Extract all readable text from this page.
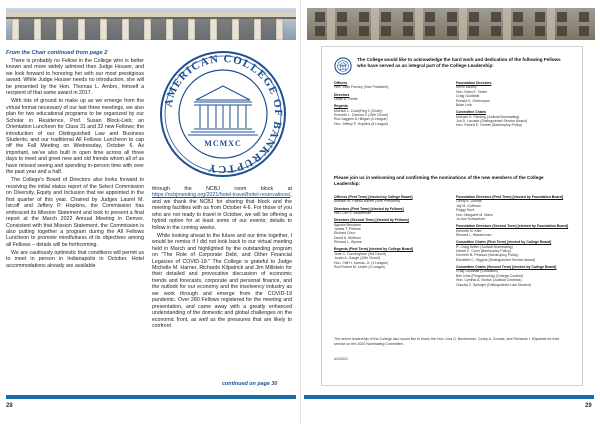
From the Chair continued from page 2

There is probably no Fellow in the College who is better known and more widely admired than Judge Houser, and we look forward to honoring her with our most prestigious award. While Judge Houser needs no introduction, she will be presented by the Hon. Thomas L. Ambro, himself a recipient of that same award in 2017.

With lots of ground to make up as we emerge from the virtual format necessary of our last three meetings, we also plan for two educational programs to be organized by our Scholar in Residence, Prof. Susan Block-Lieb; an Orientation Luncheon for Class 31 and 32 new Fellows; the introduction of our Distinguished Law and Business Students; and our traditional All Fellows Luncheon to cap off the Fall Meeting on Wednesday, October 6. As important, we've also built in open time across all three days to meet and greet new and old friends whom all of us have missed seeing and spending in-person time with over the past year and a half.

The College's Board of Directors also looks forward to receiving the initial status report of the Select Commission on Diversity, Equity and Inclusion that we appointed in the first quarter of this year. Chaired by Judges Laurel M. Isicoff and Jeffery P. Hopkins, the Commission has embraced its Mission Statement and look to present a final report at the March 2022 Annual Meeting in Denver. Consistent with that Mission Statement, the Commission is also putting together a program during the All Fellows Luncheon to promote mindfulness of its objectives among all Fellows – details will be forthcoming.

We are cautiously optimistic that conditions will permit us to meet in person in Indianapolis in October. Hotel accommodations already are available

AMERICAN COLLEGE OF BANKRUPTCY
MCMXC

through the NCBJ room block at https://ncbjmeeting.org/2021/hotel-travel/hotel-reservations/, and we thank the NCBJ for sharing that block and the meeting facilities with us from October 4-6. For those of you who are not ready to travel in October, we will be offering a hybrid option for at least some of our events; details to follow in the coming weeks.

While looking ahead to the future and our time together, I would be remiss if I did not look back to our virtual meeting held in March and highlighted by the outstanding program on "The Role of Corporate Debt, and Other Financial Legacies of COVID-19." The College is grateful to Judge Michelle M. Harner, Richardo Kilpatrick and Jim Millstein for their detailed and provocative discussion of economic trends and forecasts, corporate and personal finance, and the outlook for our economy and the insolvency industry as we work through and emerge from the COVID-19 pandemic. Over 280 Fellows registered for the meeting and presentation, and came away with a greatly enhanced understanding of the domestic and global challenges on the economic front, as well as the pressures that are likely to confront

continued on page 30
The College would like to acknowledge the hard work and dedication of the following Fellows who have served as an integral part of the College Leadership:
Officers
Hon. Joan Feeney (Vice President)
Directors
Leslie A. Fields
Regents
Michael L. Cook(Reg 2 (Chair))
Kenneth L. Cannon II (10th Circuit)
Rod Jaggers & Hilligan (4 League)
Hon. Jeffrey P. Hopkins (6 League)
Foundation Directors
Kevin Mickey
Hon. Brian K. Tester
Craig Goldblatt
Ronald K. Greenspan
Brian Leib
Committee Chairs
Michael D. Fielding (Judicial Nominating)
Jon D. Lacoste (Distinguished Service Award)
Hon. Robert E. Gerber (Bankruptcy Policy)
Please join us in welcoming and confirming the nominations of the new members of the College Leadership:
Officers (First Term) [elected by College Board]
Michael St. Patrick Baxter (Vice President)
Directors (First Term) [elected by Fellows]
Hon. Lori S. Beckerman
Directors (Second Term) [elected by Fellows]
Agustin Bendana
James T. Perkins
Richard Chun
David A. Wolfson
Richard L. Wynne
Regents (First Term) [elected by College Board]
Jane C. Cunningham (3rd Circuit)
Jonah A. Gauge (10th Circuit)
Hon. Cliff H. Kamas, Jr. (4 League)
Rod Robert M. Linder (4 League)
Foundation Directors (First Term) [elected by Foundation Board]
Cecily A. Dumas
Jay M. Goffman
Peggy Hunt
Hon. Margaret M. Mann
Jo Ann Schwartzer
Foundation Directors (Second Term) [elected by Foundation Board]
Kenneth N. Klee
Richard L. Wasserman
Committee Chairs (First Term) [elected by College Board]
R. Craig Ketter (Judicial Nominating)
Daniel C. Cohn (Bankruptcy Policy)
Kenneth B. Pearson (Bankruptcy Policy)
Elizabeth C. Higgins (Distinguished Service Award)
Committee Chairs (Second Term) [elected by College Board]
Craig Goldblatt (Education)
Ben Ivins (Programming) (College Contest)
Hon. Cynthia A. Norton (Judicial Contests)
Claudia Z. Springer (Distinguished Law Student)
The senior leadership of the College also would like to thank the Hon. Lisa G. Beckerman, Cecily A. Dumas, and Richardo I. Kilpatrick for their service on the 2020 Nominating Committee.
4/1/2021
28	29
